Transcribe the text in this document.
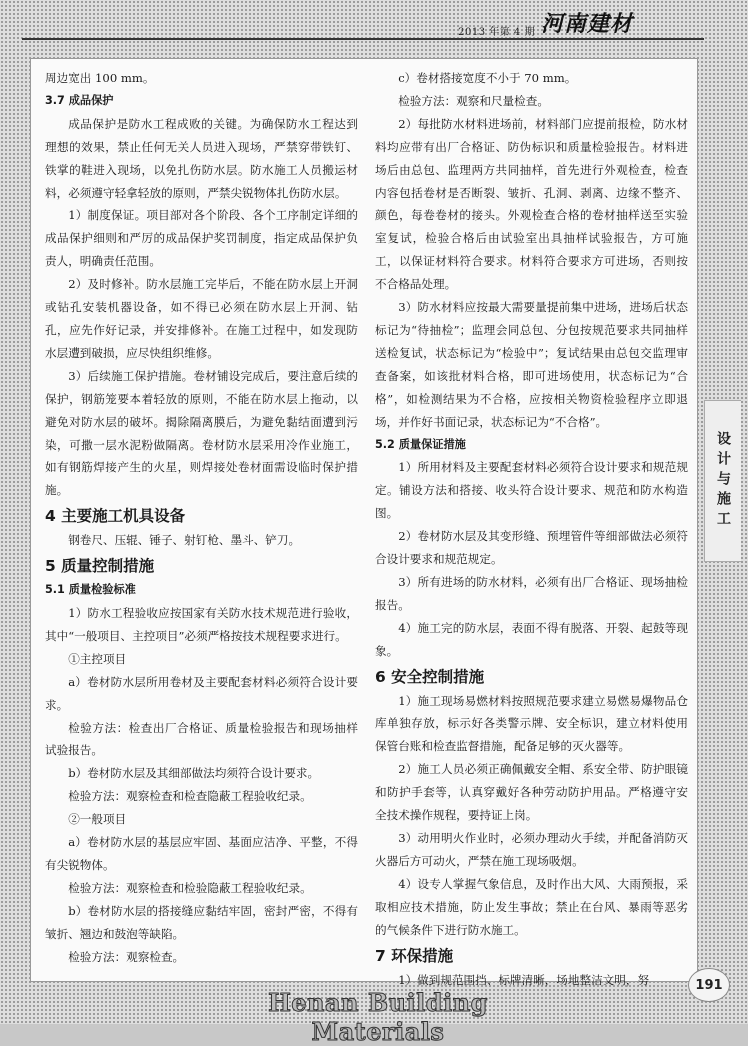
2013 年第 4 期 河南建材

周边宽出 100 mm。

3.7 成品保护

成品保护是防水工程成败的关键。为确保防水工程达到理想的效果，禁止任何无关人员进入现场，严禁穿带铁钉、铁掌的鞋进入现场，以免扎伤防水层。防水施工人员搬运材料，必须遵守轻拿轻放的原则，严禁尖锐物体扎伤防水层。

1）制度保证。项目部对各个阶段、各个工序制定详细的成品保护细则和严厉的成品保护奖罚制度，指定成品保护负责人，明确责任范围。

2）及时修补。防水层施工完毕后，不能在防水层上开洞或钻孔安装机器设备，如不得已必须在防水层上开洞、钻孔，应先作好记录，并安排修补。在施工过程中，如发现防水层遭到破损，应尽快组织维修。

3）后续施工保护措施。卷材铺设完成后，要注意后续的保护，钢筋笼要本着轻放的原则，不能在防水层上拖动，以避免对防水层的破坏。揭除隔离膜后，为避免黏结面遭到污染，可撒一层水泥粉做隔离。卷材防水层采用冷作业施工，如有钢筋焊接产生的火星，则焊接处卷材面需设临时保护措施。

4 主要施工机具设备

钢卷尺、压辊、锤子、射钉枪、墨斗、铲刀。

5 质量控制措施
5.1 质量检验标准

1）防水工程验收应按国家有关防水技术规范进行验收，其中“一般项目、主控项目”必须严格按技术规程要求进行。

①主控项目

a）卷材防水层所用卷材及主要配套材料必须符合设计要求。

检验方法：检查出厂合格证、质量检验报告和现场抽样试验报告。

b）卷材防水层及其细部做法均须符合设计要求。

检验方法：观察检查和检查隐蔽工程验收纪录。

②一般项目

a）卷材防水层的基层应牢固、基面应洁净、平整，不得有尖锐物体。

检验方法：观察检查和检验隐蔽工程验收纪录。

b）卷材防水层的搭接缝应黏结牢固，密封严密，不得有皱折、翘边和鼓泡等缺陷。

检验方法：观察检查。

c）卷材搭接宽度不小于 70 mm。

检验方法：观察和尺量检查。

2）每批防水材料进场前，材料部门应提前报检，防水材料均应带有出厂合格证、防伪标识和质量检验报告。材料进场后由总包、监理两方共同抽样，首先进行外观检查，检查内容包括卷材是否断裂、皱折、孔洞、剥离、边缘不整齐、颜色，每卷卷材的接头。外观检查合格的卷材抽样送至实验室复试，检验合格后由试验室出具抽样试验报告，方可施工，以保证材料符合要求。材料符合要求方可进场，否则按不合格品处理。

3）防水材料应按最大需要量提前集中进场，进场后状态标记为“待抽检”；监理会同总包、分包按规范要求共同抽样送检复试，状态标记为“检验中”；复试结果由总包交监理审查备案，如该批材料合格，即可进场使用，状态标记为“合格”，如检测结果为不合格，应按相关物资检验程序立即退场，并作好书面记录，状态标记为“不合格”。

5.2 质量保证措施

1）所用材料及主要配套材料必须符合设计要求和规范规定。铺设方法和搭接、收头符合设计要求、规范和防水构造图。

2）卷材防水层及其变形缝、预埋管件等细部做法必须符合设计要求和规范规定。

3）所有进场的防水材料，必须有出厂合格证、现场抽检报告。

4）施工完的防水层，表面不得有脱落、开裂、起鼓等现象。

6 安全控制措施

1）施工现场易燃材料按照规范要求建立易燃易爆物品仓库单独存放，标示好各类警示牌、安全标识，建立材料使用保管台账和检查监督措施，配备足够的灭火器等。

2）施工人员必须正确佩戴安全帽、系安全带、防护眼镜和防护手套等，认真穿戴好各种劳动防护用品。严格遵守安全技术操作规程，要持证上岗。

3）动用明火作业时，必须办理动火手续，并配备消防灭火器后方可动火，严禁在施工现场吸烟。

4）设专人掌握气象信息，及时作出大风、大雨预报，采取相应技术措施，防止发生事故；禁止在台风、暴雨等恶劣的气候条件下进行防水施工。

7 环保措施

1）做到规范围挡、标牌清晰，场地整洁文明，努

设计与施工
Henan Building Materials
191
